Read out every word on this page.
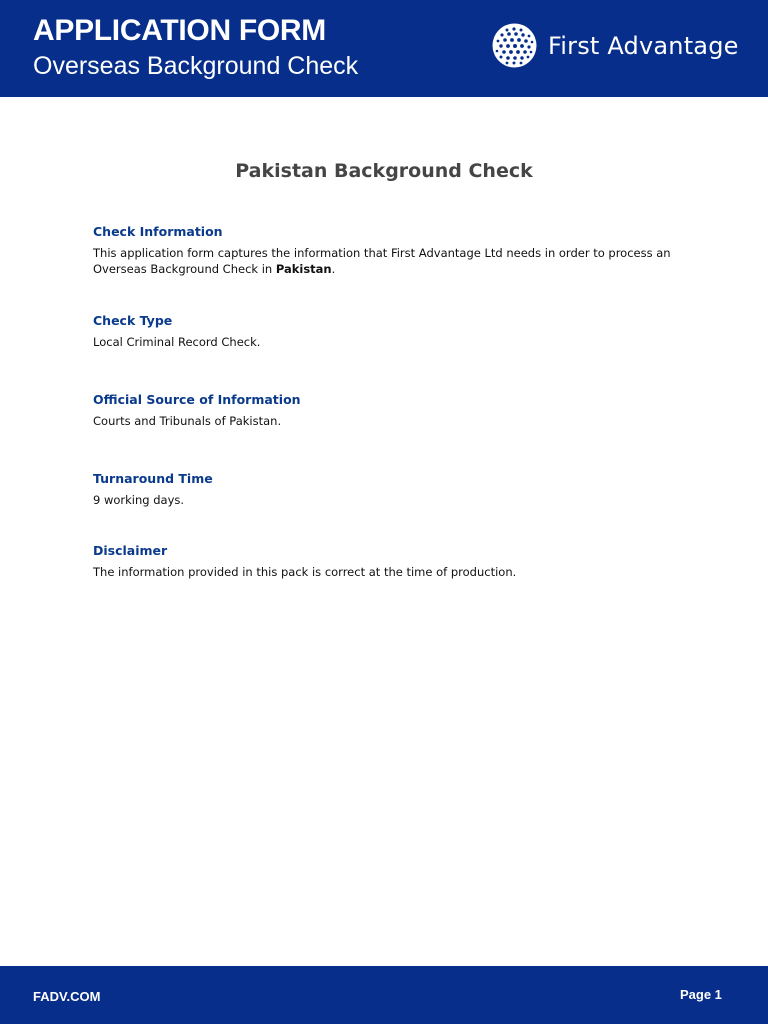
APPLICATION FORM
Overseas Background Check
First Advantage
Pakistan Background Check
Check Information

This application form captures the information that First Advantage Ltd needs in order to process an Overseas Background Check in Pakistan.

Check Type

Local Criminal Record Check.

Official Source of Information

Courts and Tribunals of Pakistan.

Turnaround Time

9 working days.

Disclaimer

The information provided in this pack is correct at the time of production.

FADV.COM	Page 1
